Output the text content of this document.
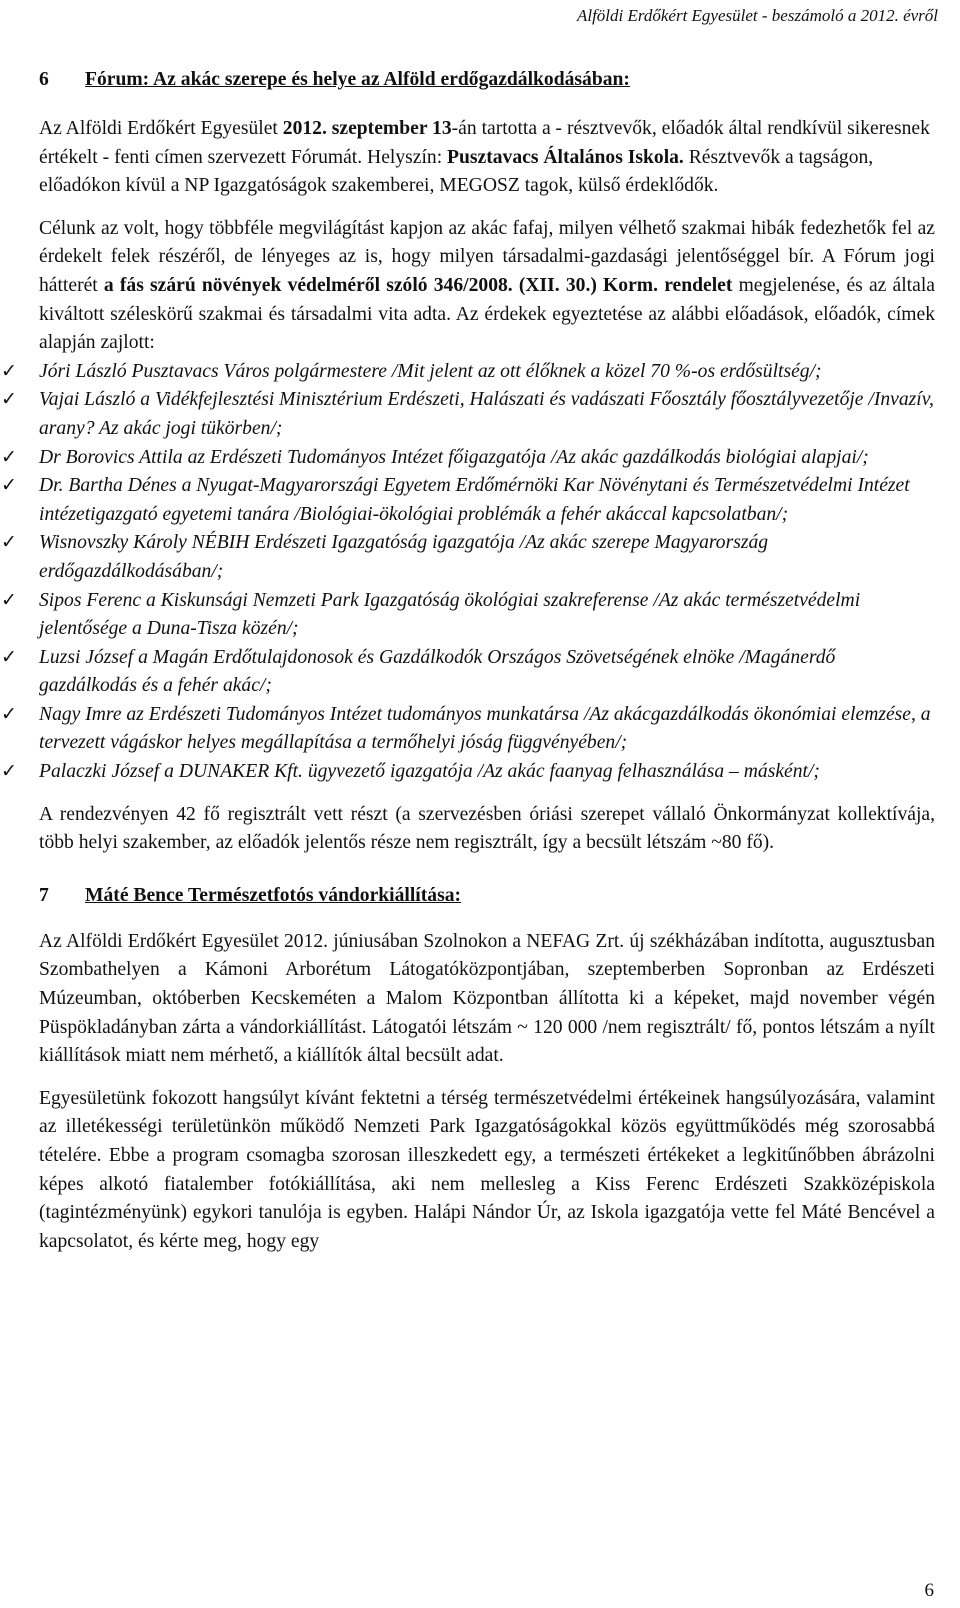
Alföldi Erdőkért Egyesület - beszámoló a 2012. évről
6	Fórum: Az akác szerepe és helye az Alföld erdőgazdálkodásában:

Az Alföldi Erdőkért Egyesület 2012. szeptember 13-án tartotta a - résztvevők, előadók által rendkívül sikeresnek értékelt - fenti címen szervezett Fórumát. Helyszín: Pusztavacs Általános Iskola. Résztvevők a tagságon, előadókon kívül a NP Igazgatóságok szakemberei, MEGOSZ tagok, külső érdeklődők.

Célunk az volt, hogy többféle megvilágítást kapjon az akác fafaj, milyen vélhető szakmai hibák fedezhetők fel az érdekelt felek részéről, de lényeges az is, hogy milyen társadalmi-gazdasági jelentőséggel bír. A Fórum jogi hátterét a fás szárú növények védelméről szóló 346/2008. (XII. 30.) Korm. rendelet megjelenése, és az általa kiváltott széleskörű szakmai és társadalmi vita adta. Az érdekek egyeztetése az alábbi előadások, előadók, címek alapján zajlott:

✓ Jóri László Pusztavacs Város polgármestere /Mit jelent az ott élőknek a közel 70 %-os erdősültség/;
✓ Vajai László a Vidékfejlesztési Minisztérium Erdészeti, Halászati és vadászati Főosztály főosztályvezetője /Invazív, arany? Az akác jogi tükörben/;
✓ Dr Borovics Attila az Erdészeti Tudományos Intézet főigazgatója /Az akác gazdálkodás biológiai alapjai/;
✓ Dr. Bartha Dénes a Nyugat-Magyarországi Egyetem Erdőmérnöki Kar Növénytani és Természetvédelmi Intézet intézetigazgató egyetemi tanára /Biológiai-ökológiai problémák a fehér akáccal kapcsolatban/;
✓ Wisnovszky Károly NÉBIH Erdészeti Igazgatóság igazgatója /Az akác szerepe Magyarország erdőgazdálkodásában/;
✓ Sipos Ferenc a Kiskunsági Nemzeti Park Igazgatóság ökológiai szakreferense /Az akác természetvédelmi jelentősége a Duna-Tisza közén/;
✓ Luzsi József a Magán Erdőtulajdonosok és Gazdálkodók Országos Szövetségének elnöke /Magánerdő gazdálkodás és a fehér akác/;
✓ Nagy Imre az Erdészeti Tudományos Intézet tudományos munkatársa /Az akácgazdálkodás ökonómiai elemzése, a tervezett vágáskor helyes megállapítása a termőhelyi jóság függvényében/;
✓ Palaczki József a DUNAKER Kft. ügyvezető igazgatója /Az akác faanyag felhasználása – másként/;

A rendezvényen 42 fő regisztrált vett részt (a szervezésben óriási szerepet vállaló Önkormányzat kollektívája, több helyi szakember, az előadók jelentős része nem regisztrált, így a becsült létszám ~80 fő).

7	Máté Bence Természetfotós vándorkiállítása:

Az Alföldi Erdőkért Egyesület 2012. júniusában Szolnokon a NEFAG Zrt. új székházában indította, augusztusban Szombathelyen a Kámoni Arborétum Látogatóközpontjában, szeptemberben Sopronban az Erdészeti Múzeumban, októberben Kecskeméten a Malom Központban állította ki a képeket, majd november végén Püspökladányban zárta a vándorkiállítást. Látogatói létszám ~ 120 000 /nem regisztrált/ fő, pontos létszám a nyílt kiállítások miatt nem mérhető, a kiállítók által becsült adat.

Egyesületünk fokozott hangsúlyt kívánt fektetni a térség természetvédelmi értékeinek hangsúlyozására, valamint az illetékességi területünkön működő Nemzeti Park Igazgatóságokkal közös együttműködés még szorosabbá tételére. Ebbe a program csomagba szorosan illeszkedett egy, a természeti értékeket a legkitűnőbben ábrázolni képes alkotó fiatalember fotókiállítása, aki nem mellesleg a Kiss Ferenc Erdészeti Szakközépiskola (tagintézményünk) egykori tanulója is egyben. Halápi Nándor Úr, az Iskola igazgatója vette fel Máté Bencével a kapcsolatot, és kérte meg, hogy egy

6
